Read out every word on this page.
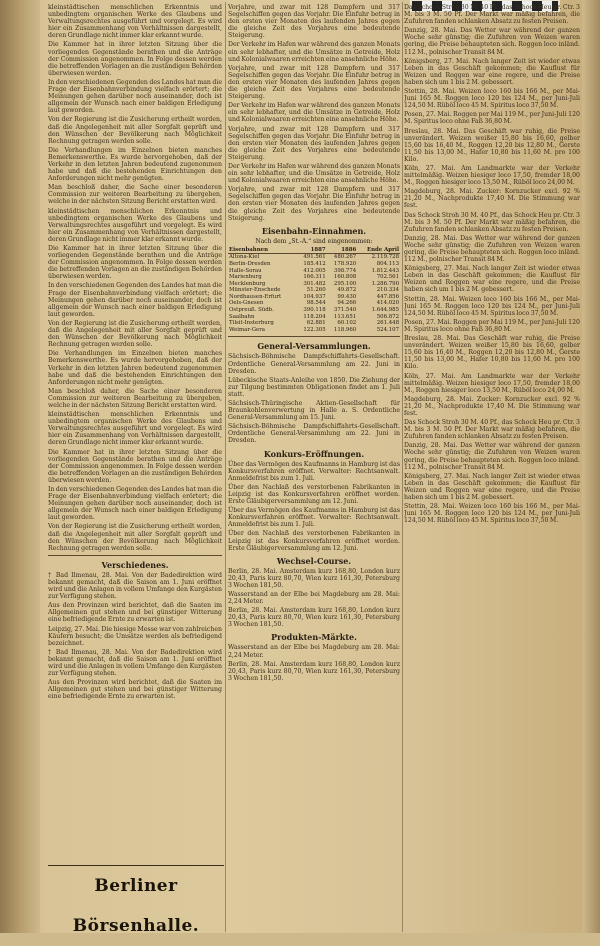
kleinstädtischen menschlichen Erkenntnis und unbedingtem organischen Werke des Glaubens und Verwaltungsrechtes ausgeführt und vorgelegt. Es wird hier ein Zusammenhang von Verhältnissen dargestellt, deren Grundlage nicht immer klar erkannt wurde.

Die Kammer hat in ihrer letzten Sitzung über die vorliegenden Gegenstände berathen und die Anträge der Commission angenommen. In Folge dessen werden die betreffenden Vorlagen an die zuständigen Behörden überwiesen werden.

In den verschiedenen Gegenden des Landes hat man die Frage der Eisenbahnverbindung vielfach erörtert; die Meinungen gehen darüber noch auseinander, doch ist allgemein der Wunsch nach einer baldigen Erledigung laut geworden.

Von der Regierung ist die Zusicherung ertheilt worden, daß die Angelegenheit mit aller Sorgfalt geprüft und den Wünschen der Bevölkerung nach Möglichkeit Rechnung getragen werden solle.

Die Verhandlungen im Einzelnen bieten manches Bemerkenswerthe. Es wurde hervorgehoben, daß der Verkehr in den letzten Jahren bedeutend zugenommen habe und daß die bestehenden Einrichtungen den Anforderungen nicht mehr genügten.

Man beschloß daher, die Sache einer besonderen Commission zur weiteren Bearbeitung zu übergeben, welche in der nächsten Sitzung Bericht erstatten wird.

kleinstädtischen menschlichen Erkenntnis und unbedingtem organischen Werke des Glaubens und Verwaltungsrechtes ausgeführt und vorgelegt. Es wird hier ein Zusammenhang von Verhältnissen dargestellt, deren Grundlage nicht immer klar erkannt wurde.

Die Kammer hat in ihrer letzten Sitzung über die vorliegenden Gegenstände berathen und die Anträge der Commission angenommen. In Folge dessen werden die betreffenden Vorlagen an die zuständigen Behörden überwiesen werden.

In den verschiedenen Gegenden des Landes hat man die Frage der Eisenbahnverbindung vielfach erörtert; die Meinungen gehen darüber noch auseinander, doch ist allgemein der Wunsch nach einer baldigen Erledigung laut geworden.

Von der Regierung ist die Zusicherung ertheilt worden, daß die Angelegenheit mit aller Sorgfalt geprüft und den Wünschen der Bevölkerung nach Möglichkeit Rechnung getragen werden solle.

Die Verhandlungen im Einzelnen bieten manches Bemerkenswerthe. Es wurde hervorgehoben, daß der Verkehr in den letzten Jahren bedeutend zugenommen habe und daß die bestehenden Einrichtungen den Anforderungen nicht mehr genügten.

Man beschloß daher, die Sache einer besonderen Commission zur weiteren Bearbeitung zu übergeben, welche in der nächsten Sitzung Bericht erstatten wird.

kleinstädtischen menschlichen Erkenntnis und unbedingtem organischen Werke des Glaubens und Verwaltungsrechtes ausgeführt und vorgelegt. Es wird hier ein Zusammenhang von Verhältnissen dargestellt, deren Grundlage nicht immer klar erkannt wurde.

Die Kammer hat in ihrer letzten Sitzung über die vorliegenden Gegenstände berathen und die Anträge der Commission angenommen. In Folge dessen werden die betreffenden Vorlagen an die zuständigen Behörden überwiesen werden.

In den verschiedenen Gegenden des Landes hat man die Frage der Eisenbahnverbindung vielfach erörtert; die Meinungen gehen darüber noch auseinander, doch ist allgemein der Wunsch nach einer baldigen Erledigung laut geworden.

Von der Regierung ist die Zusicherung ertheilt worden, daß die Angelegenheit mit aller Sorgfalt geprüft und den Wünschen der Bevölkerung nach Möglichkeit Rechnung getragen werden solle.

Verschiedenes.

† Bad Ilmenau, 28. Mai. Von der Badedirektion wird bekannt gemacht, daß die Saison am 1. Juni eröffnet wird und die Anlagen in vollem Umfange den Kurgästen zur Verfügung stehen.

Aus den Provinzen wird berichtet, daß die Saaten im Allgemeinen gut stehen und bei günstiger Witterung eine befriedigende Ernte zu erwarten ist.

Leipzig, 27. Mai. Die hiesige Messe war von zahlreichen Käufern besucht; die Umsätze werden als befriedigend bezeichnet.

† Bad Ilmenau, 28. Mai. Von der Badedirektion wird bekannt gemacht, daß die Saison am 1. Juni eröffnet wird und die Anlagen in vollem Umfange den Kurgästen zur Verfügung stehen.

Aus den Provinzen wird berichtet, daß die Saaten im Allgemeinen gut stehen und bei günstiger Witterung eine befriedigende Ernte zu erwarten ist.

Berliner Börsenhalle.

Vorjahre, und zwar mit 128 Dampfern und 317 Segelschiffen gegen das Vorjahr. Die Einfuhr betrug in den ersten vier Monaten des laufenden Jahres gegen die gleiche Zeit des Vorjahres eine bedeutende Steigerung.

Der Verkehr im Hafen war während des ganzen Monats ein sehr lebhafter, und die Umsätze in Getreide, Holz und Kolonialwaaren erreichten eine ansehnliche Höhe.

Vorjahre, und zwar mit 128 Dampfern und 317 Segelschiffen gegen das Vorjahr. Die Einfuhr betrug in den ersten vier Monaten des laufenden Jahres gegen die gleiche Zeit des Vorjahres eine bedeutende Steigerung.

Der Verkehr im Hafen war während des ganzen Monats ein sehr lebhafter, und die Umsätze in Getreide, Holz und Kolonialwaaren erreichten eine ansehnliche Höhe.

Vorjahre, und zwar mit 128 Dampfern und 317 Segelschiffen gegen das Vorjahr. Die Einfuhr betrug in den ersten vier Monaten des laufenden Jahres gegen die gleiche Zeit des Vorjahres eine bedeutende Steigerung.

Der Verkehr im Hafen war während des ganzen Monats ein sehr lebhafter, und die Umsätze in Getreide, Holz und Kolonialwaaren erreichten eine ansehnliche Höhe.

Vorjahre, und zwar mit 128 Dampfern und 317 Segelschiffen gegen das Vorjahr. Die Einfuhr betrug in den ersten vier Monaten des laufenden Jahres gegen die gleiche Zeit des Vorjahres eine bedeutende Steigerung.

Eisenbahn-Einnahmen.
Nach dem „St.-A.“ sind eingenommen:
Eisenbahnen	1887	1886	Ende April
Altona-Kiel	491.561	480.267	2.119.728
Berlin-Dresden	185.412	178.920	804.113
Halle-Sorau	412.005	398.774	1.812.443
Marienburg	166.311	160.808	702.561
Mecklenburg	301.482	295.100	1.286.790
Münster-Enschede	51.260	49.872	210.334
Nordhausen-Erfurt	104.937	99.430	447.856
Oels-Gnesen	98.544	94.266	414.020
Ostpreuß. Südb.	390.118	371.540	1.644.985
Saalbahn	118.204	113.651	506.872
Tilsit-Insterburg	62.881	60.102	261.448
Weimar-Gera	122.305	118.960	524.107
General-Versammlungen.

Sächsisch-Böhmische Dampfschiffahrts-Gesellschaft. Ordentliche General-Versammlung am 22. Juni in Dresden.

Lübeckische Staats-Anleihe von 1850. Die Ziehung der zur Tilgung bestimmten Obligationen findet am 1. Juli statt.

Sächsisch-Thüringische Aktien-Gesellschaft für Braunkohlenverwertung in Halle a. S. Ordentliche General-Versammlung am 15. Juni.

Sächsisch-Böhmische Dampfschiffahrts-Gesellschaft. Ordentliche General-Versammlung am 22. Juni in Dresden.

Konkurs-Eröffnungen.

Über das Vermögen des Kaufmanns in Hamburg ist das Konkursverfahren eröffnet. Verwalter: Rechtsanwalt. Anmeldefrist bis zum 1. Juli.

Über den Nachlaß des verstorbenen Fabrikanten in Leipzig ist das Konkursverfahren eröffnet worden. Erste Gläubigerversammlung am 12. Juni.

Über das Vermögen des Kaufmanns in Hamburg ist das Konkursverfahren eröffnet. Verwalter: Rechtsanwalt. Anmeldefrist bis zum 1. Juli.

Über den Nachlaß des verstorbenen Fabrikanten in Leipzig ist das Konkursverfahren eröffnet worden. Erste Gläubigerversammlung am 12. Juni.

Wechsel-Course.

Berlin, 28. Mai. Amsterdam kurz 168,80, London kurz 20,43, Paris kurz 80,70, Wien kurz 161,30, Petersburg 3 Wochen 181,50.

Wasserstand an der Elbe bei Magdeburg am 28. Mai: 2,24 Meter.

Berlin, 28. Mai. Amsterdam kurz 168,80, London kurz 20,43, Paris kurz 80,70, Wien kurz 161,30, Petersburg 3 Wochen 181,50.

Produkten-Märkte.

Wasserstand an der Elbe bei Magdeburg am 28. Mai: 2,24 Meter.

Berlin, 28. Mai. Amsterdam kurz 168,80, London kurz 20,43, Paris kurz 80,70, Wien kurz 161,30, Petersburg 3 Wochen 181,50.

Das Schock Stroh 30 M. 40 Pf., das Schock Heu pr. Ctr. 3 M. bis 3 M. 50 Pf. Der Markt war mäßig befahren, die Zufuhren fanden schlanken Absatz zu festen Preisen.

Danzig, 28. Mai. Das Wetter war während der ganzen Woche sehr günstig; die Zufuhren von Weizen waren gering, die Preise behaupteten sich. Roggen loco inländ. 112 M., polnischer Transit 84 M.

Königsberg, 27. Mai. Nach langer Zeit ist wieder etwas Leben in das Geschäft gekommen; die Kauflust für Weizen und Roggen war eine regere, und die Preise haben sich um 1 bis 2 M. gebessert.

Stettin, 28. Mai. Weizen loco 160 bis 166 M., per Mai-Juni 165 M. Roggen loco 120 bis 124 M., per Juni-Juli 124,50 M. Rüböl loco 45 M. Spiritus loco 37,50 M.

Posen, 27. Mai. Roggen per Mai 119 M., per Juni-Juli 120 M. Spiritus loco ohne Faß 36,80 M.

Breslau, 28. Mai. Das Geschäft war ruhig, die Preise unverändert. Weizen weißer 15,80 bis 16,60, gelber 15,60 bis 16,40 M., Roggen 12,20 bis 12,80 M., Gerste 11,50 bis 13,00 M., Hafer 10,80 bis 11,60 M. pro 100 Kilo.

Köln, 27. Mai. Am Landmarkte war der Verkehr mittelmäßig. Weizen hiesiger loco 17,50, fremder 18,00 M., Roggen hiesiger loco 13,50 M., Rüböl loco 24,00 M.

Magdeburg, 28. Mai. Zucker: Kornzucker excl. 92 % 21,20 M., Nachprodukte 17,40 M. Die Stimmung war fest.

Das Schock Stroh 30 M. 40 Pf., das Schock Heu pr. Ctr. 3 M. bis 3 M. 50 Pf. Der Markt war mäßig befahren, die Zufuhren fanden schlanken Absatz zu festen Preisen.

Danzig, 28. Mai. Das Wetter war während der ganzen Woche sehr günstig; die Zufuhren von Weizen waren gering, die Preise behaupteten sich. Roggen loco inländ. 112 M., polnischer Transit 84 M.

Königsberg, 27. Mai. Nach langer Zeit ist wieder etwas Leben in das Geschäft gekommen; die Kauflust für Weizen und Roggen war eine regere, und die Preise haben sich um 1 bis 2 M. gebessert.

Stettin, 28. Mai. Weizen loco 160 bis 166 M., per Mai-Juni 165 M. Roggen loco 120 bis 124 M., per Juni-Juli 124,50 M. Rüböl loco 45 M. Spiritus loco 37,50 M.

Posen, 27. Mai. Roggen per Mai 119 M., per Juni-Juli 120 M. Spiritus loco ohne Faß 36,80 M.

Breslau, 28. Mai. Das Geschäft war ruhig, die Preise unverändert. Weizen weißer 15,80 bis 16,60, gelber 15,60 bis 16,40 M., Roggen 12,20 bis 12,80 M., Gerste 11,50 bis 13,00 M., Hafer 10,80 bis 11,60 M. pro 100 Kilo.

Köln, 27. Mai. Am Landmarkte war der Verkehr mittelmäßig. Weizen hiesiger loco 17,50, fremder 18,00 M., Roggen hiesiger loco 13,50 M., Rüböl loco 24,00 M.

Magdeburg, 28. Mai. Zucker: Kornzucker excl. 92 % 21,20 M., Nachprodukte 17,40 M. Die Stimmung war fest.

Das Schock Stroh 30 M. 40 Pf., das Schock Heu pr. Ctr. 3 M. bis 3 M. 50 Pf. Der Markt war mäßig befahren, die Zufuhren fanden schlanken Absatz zu festen Preisen.

Danzig, 28. Mai. Das Wetter war während der ganzen Woche sehr günstig; die Zufuhren von Weizen waren gering, die Preise behaupteten sich. Roggen loco inländ. 112 M., polnischer Transit 84 M.

Königsberg, 27. Mai. Nach langer Zeit ist wieder etwas Leben in das Geschäft gekommen; die Kauflust für Weizen und Roggen war eine regere, und die Preise haben sich um 1 bis 2 M. gebessert.

Stettin, 28. Mai. Weizen loco 160 bis 166 M., per Mai-Juni 165 M. Roggen loco 120 bis 124 M., per Juni-Juli 124,50 M. Rüböl loco 45 M. Spiritus loco 37,50 M.
